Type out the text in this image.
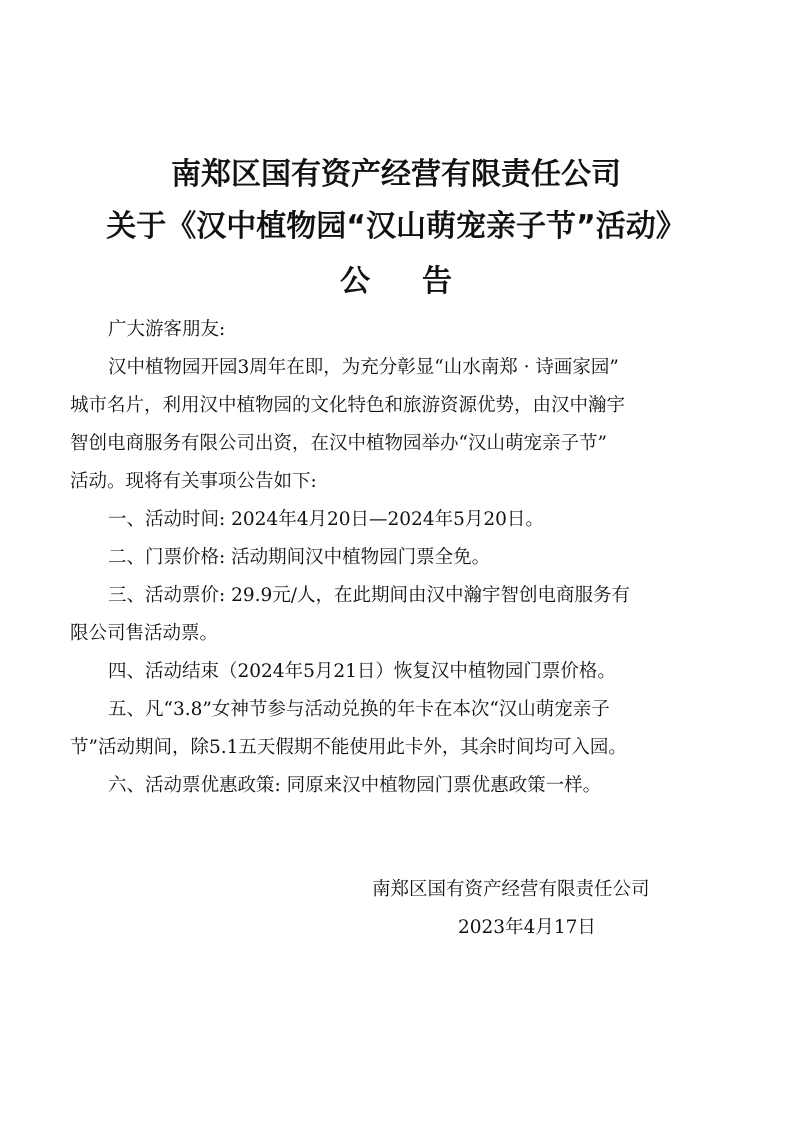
南郑区国有资产经营有限责任公司
关于《汉中植物园“汉山萌宠亲子节”活动》
公告
广大游客朋友:
汉中植物园开园3周年在即，为充分彰显“山水南郑 · 诗画家园”
城市名片，利用汉中植物园的文化特色和旅游资源优势，由汉中瀚宇
智创电商服务有限公司出资，在汉中植物园举办“汉山萌宠亲子节”
活动。现将有关事项公告如下:
一、活动时间: 2024年4月20日—2024年5月20日。
二、门票价格: 活动期间汉中植物园门票全免。
三、活动票价: 29.9元/人，在此期间由汉中瀚宇智创电商服务有
限公司售活动票。
四、活动结束（2024年5月21日）恢复汉中植物园门票价格。
五、凡“3.8”女神节参与活动兑换的年卡在本次“汉山萌宠亲子
节”活动期间，除5.1五天假期不能使用此卡外，其余时间均可入园。
六、活动票优惠政策: 同原来汉中植物园门票优惠政策一样。
南郑区国有资产经营有限责任公司
2023年4月17日
